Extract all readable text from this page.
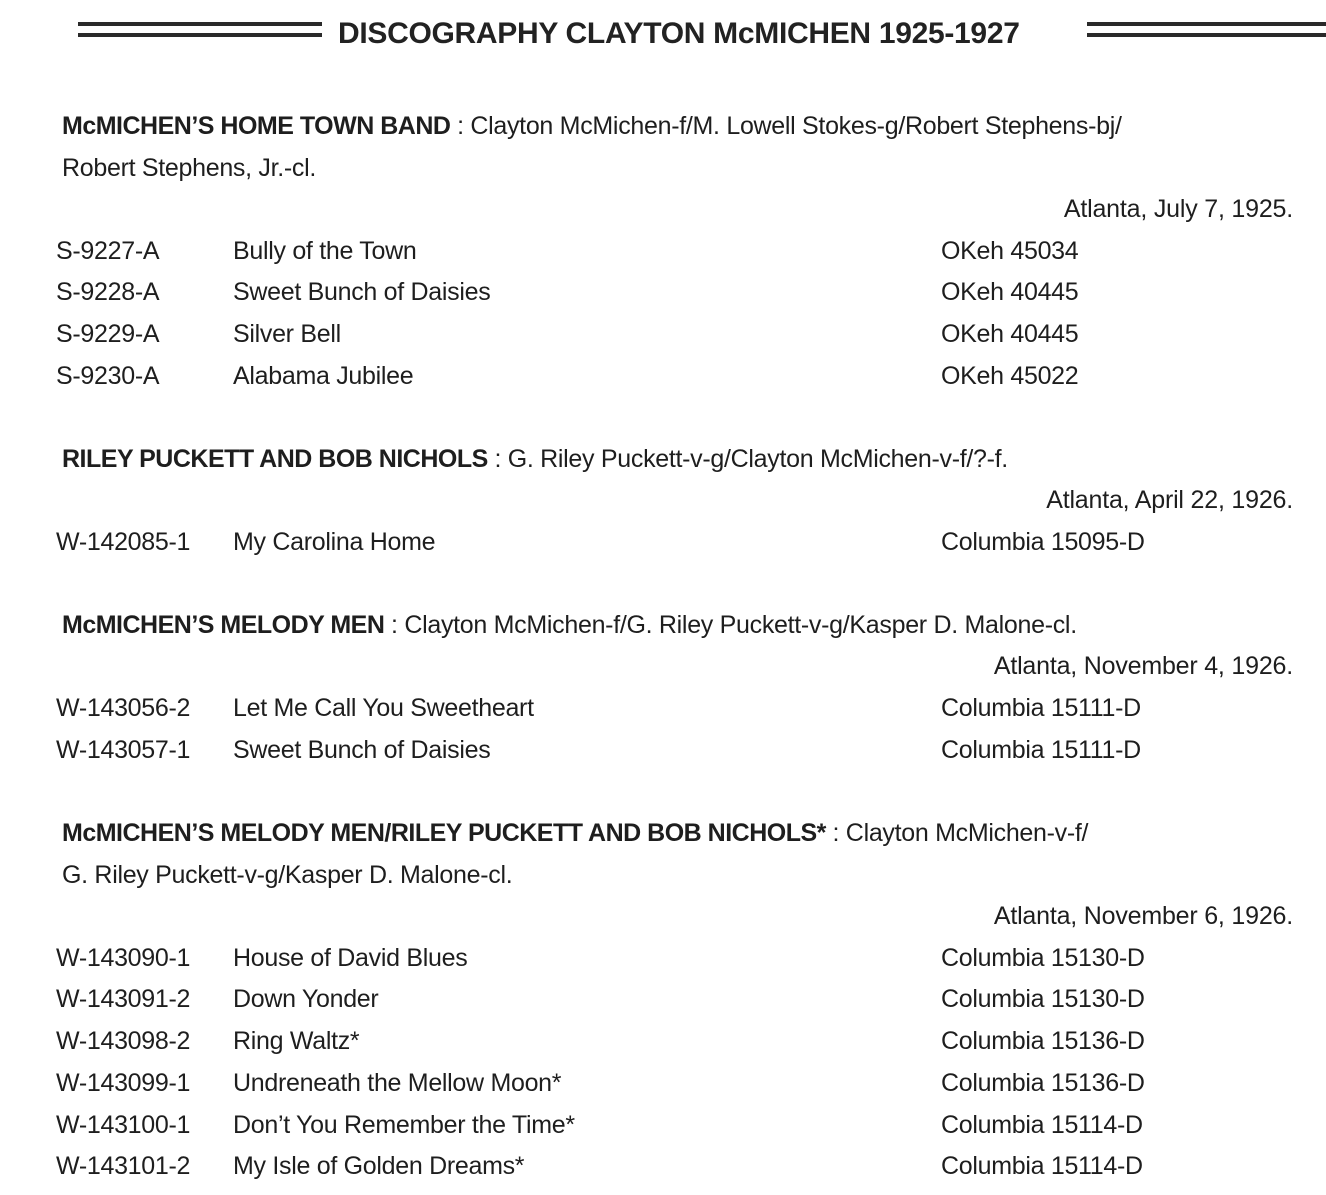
DISCOGRAPHY CLAYTON McMICHEN 1925-1927
McMICHEN’S HOME TOWN BAND : Clayton McMichen-f/M. Lowell Stokes-g/Robert Stephens-bj/
Robert Stephens, Jr.-cl.
Atlanta, July 7, 1925.
S-9227-A	Bully of the Town	OKeh 45034
S-9228-A	Sweet Bunch of Daisies	OKeh 40445
S-9229-A	Silver Bell	OKeh 40445
S-9230-A	Alabama Jubilee	OKeh 45022
RILEY PUCKETT AND BOB NICHOLS : G. Riley Puckett-v-g/Clayton McMichen-v-f/?-f.
Atlanta, April 22, 1926.
W-142085-1 My Carolina Home	Columbia 15095-D
McMICHEN’S MELODY MEN : Clayton McMichen-f/G. Riley Puckett-v-g/Kasper D. Malone-cl.
Atlanta, November 4, 1926.
W-143056-2 Let Me Call You Sweetheart	Columbia 15111-D
W-143057-1 Sweet Bunch of Daisies	Columbia 15111-D
McMICHEN’S MELODY MEN/RILEY PUCKETT AND BOB NICHOLS* : Clayton McMichen-v-f/
G. Riley Puckett-v-g/Kasper D. Malone-cl.
Atlanta, November 6, 1926.
W-143090-1 House of David Blues	Columbia 15130-D
W-143091-2 Down Yonder	Columbia 15130-D
W-143098-2 Ring Waltz*	Columbia 15136-D
W-143099-1 Undreneath the Mellow Moon*	Columbia 15136-D
W-143100-1 Don’t You Remember the Time*	Columbia 15114-D
W-143101-2 My Isle of Golden Dreams*	Columbia 15114-D
